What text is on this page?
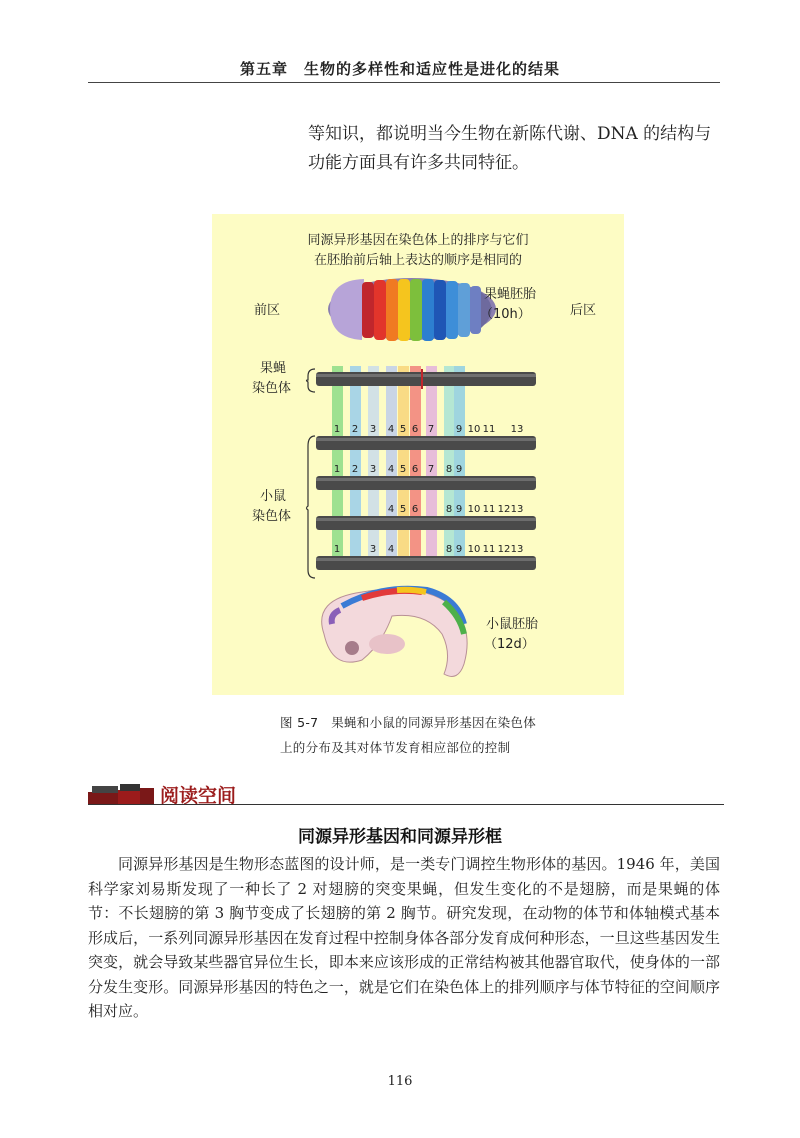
第五章　生物的多样性和适应性是进化的结果
等知识，都说明当今生物在新陈代谢、DNA 的结构与功能方面具有许多共同特征。
同源异形基因在染色体上的排序与它们
在胚胎前后轴上表达的顺序是相同的
前区	后区
果蝇胚胎
（10h）
果蝇
染色体
1 2 3 4 5 6 7 9 10 11 13
小鼠
染色体
1 2 3 4 5 6 7 8 9
4 5 6	8 9 10 11 12 13
1	3 4	8 9 10 11 12 13
小鼠胚胎
（12d）
图 5-7　果蝇和小鼠的同源异形基因在染色体
上的分布及其对体节发育相应部位的控制
阅读空间
同源异形基因和同源异形框
同源异形基因是生物形态蓝图的设计师，是一类专门调控生物形体的基因。1946 年，美国科学家刘易斯发现了一种长了 2 对翅膀的突变果蝇，但发生变化的不是翅膀，而是果蝇的体节：不长翅膀的第 3 胸节变成了长翅膀的第 2 胸节。研究发现，在动物的体节和体轴模式基本形成后，一系列同源异形基因在发育过程中控制身体各部分发育成何种形态，一旦这些基因发生突变，就会导致某些器官异位生长，即本来应该形成的正常结构被其他器官取代，使身体的一部分发生变形。同源异形基因的特色之一，就是它们在染色体上的排列顺序与体节特征的空间顺序相对应。
116
